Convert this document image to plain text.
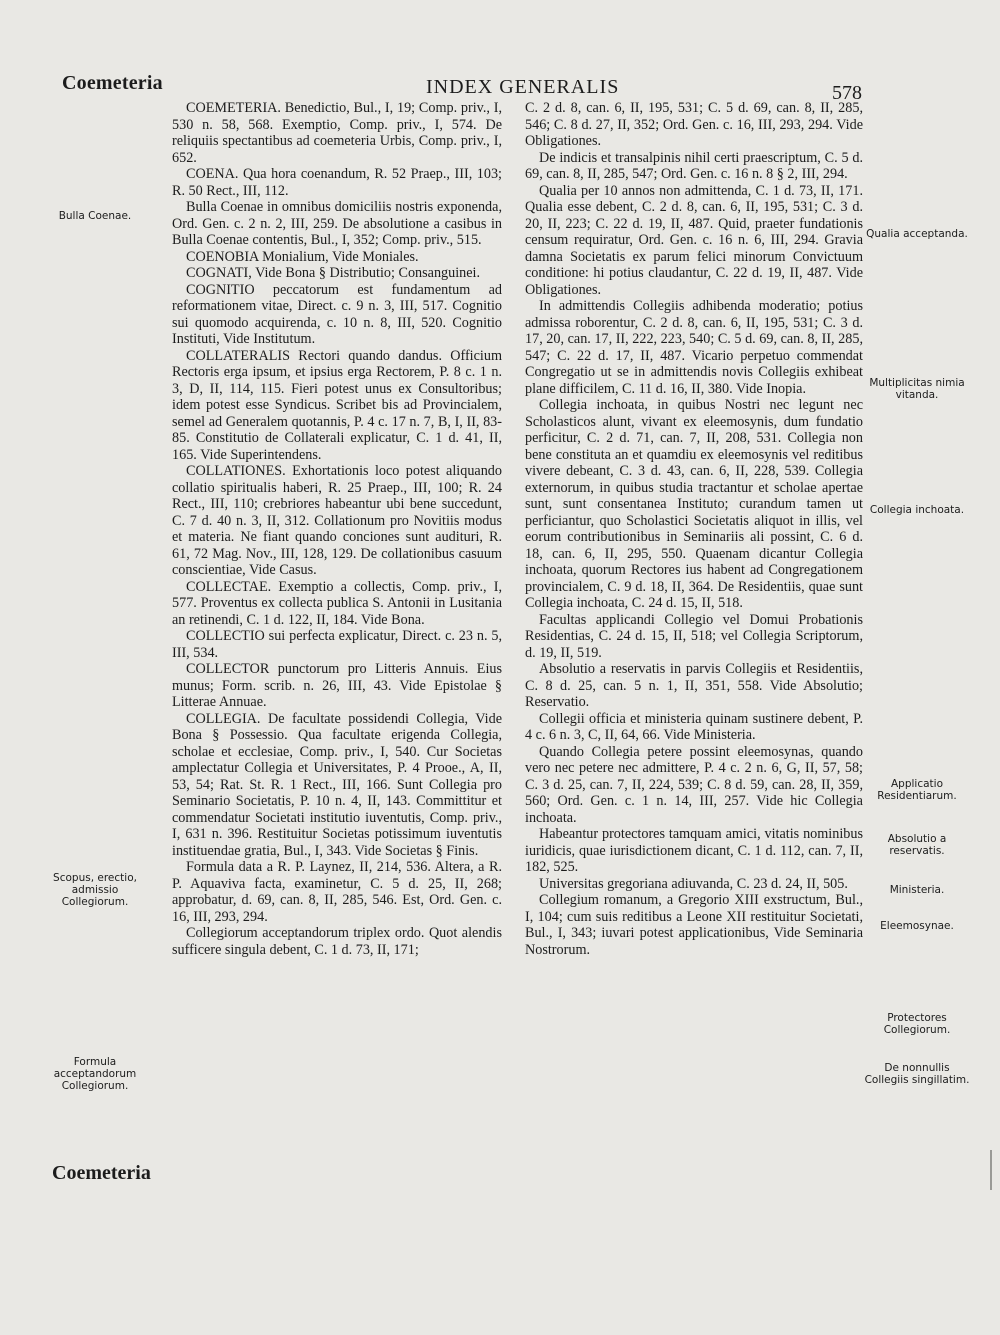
Coemeteria	INDEX GENERALIS	578
Bulla Coenae.
Scopus, erectio, admissio Collegiorum.
Formula acceptandorum Collegiorum.
Qualia acceptanda.
Multiplicitas nimia vitanda.
Collegia inchoata.
Applicatio Residentiarum.
Absolutio a reservatis.
Ministeria.
Eleemosynae.
Protectores Collegiorum.
De nonnullis Collegiis singillatim.

COEMETERIA. Benedictio, Bul., I, 19; Comp. priv., I, 530 n. 58, 568. Exemptio, Comp. priv., I, 574. De reliquiis spectantibus ad coemeteria Urbis, Comp. priv., I, 652.

COENA. Qua hora coenandum, R. 52 Praep., III, 103; R. 50 Rect., III, 112.

Bulla Coenae in omnibus domiciliis nostris exponenda, Ord. Gen. c. 2 n. 2, III, 259. De absolutione a casibus in Bulla Coenae contentis, Bul., I, 352; Comp. priv., 515.

COENOBIA Monialium, Vide Moniales.

COGNATI, Vide Bona § Distributio; Consanguinei.

COGNITIO peccatorum est fundamentum ad reformationem vitae, Direct. c. 9 n. 3, III, 517. Cognitio sui quomodo acquirenda, c. 10 n. 8, III, 520. Cognitio Instituti, Vide Institutum.

COLLATERALIS Rectori quando dandus. Officium Rectoris erga ipsum, et ipsius erga Rectorem, P. 8 c. 1 n. 3, D, II, 114, 115. Fieri potest unus ex Consultoribus; idem potest esse Syndicus. Scribet bis ad Provincialem, semel ad Generalem quotannis, P. 4 c. 17 n. 7, B, I, II, 83-85. Constitutio de Collaterali explicatur, C. 1 d. 41, II, 165. Vide Superintendens.

COLLATIONES. Exhortationis loco potest aliquando collatio spiritualis haberi, R. 25 Praep., III, 100; R. 24 Rect., III, 110; crebriores habeantur ubi bene succedunt, C. 7 d. 40 n. 3, II, 312. Collationum pro Novitiis modus et materia. Ne fiant quando conciones sunt audituri, R. 61, 72 Mag. Nov., III, 128, 129. De collationibus casuum conscientiae, Vide Casus.

COLLECTAE. Exemptio a collectis, Comp. priv., I, 577. Proventus ex collecta publica S. Antonii in Lusitania an retinendi, C. 1 d. 122, II, 184. Vide Bona.

COLLECTIO sui perfecta explicatur, Direct. c. 23 n. 5, III, 534.

COLLECTOR punctorum pro Litteris Annuis. Eius munus; Form. scrib. n. 26, III, 43. Vide Epistolae § Litterae Annuae.

COLLEGIA. De facultate possidendi Collegia, Vide Bona § Possessio. Qua facultate erigenda Collegia, scholae et ecclesiae, Comp. priv., I, 540. Cur Societas amplectatur Collegia et Universitates, P. 4 Prooe., A, II, 53, 54; Rat. St. R. 1 Rect., III, 166. Sunt Collegia pro Seminario Societatis, P. 10 n. 4, II, 143. Committitur et commendatur Societati institutio iuventutis, Comp. priv., I, 631 n. 396. Restituitur Societas potissimum iuventutis instituendae gratia, Bul., I, 343. Vide Societas § Finis.

Formula data a R. P. Laynez, II, 214, 536. Altera, a R. P. Aquaviva facta, examinetur, C. 5 d. 25, II, 268; approbatur, d. 69, can. 8, II, 285, 546. Est, Ord. Gen. c. 16, III, 293, 294.

Collegiorum acceptandorum triplex ordo. Quot alendis sufficere singula debent, C. 1 d. 73, II, 171;

C. 2 d. 8, can. 6, II, 195, 531; C. 5 d. 69, can. 8, II, 285, 546; C. 8 d. 27, II, 352; Ord. Gen. c. 16, III, 293, 294. Vide Obligationes.

De indicis et transalpinis nihil certi praescriptum, C. 5 d. 69, can. 8, II, 285, 547; Ord. Gen. c. 16 n. 8 § 2, III, 294.

Qualia per 10 annos non admittenda, C. 1 d. 73, II, 171. Qualia esse debent, C. 2 d. 8, can. 6, II, 195, 531; C. 3 d. 20, II, 223; C. 22 d. 19, II, 487. Quid, praeter fundationis censum requiratur, Ord. Gen. c. 16 n. 6, III, 294. Gravia damna Societatis ex parum felici minorum Convictuum conditione: hi potius claudantur, C. 22 d. 19, II, 487. Vide Obligationes.

In admittendis Collegiis adhibenda moderatio; potius admissa roborentur, C. 2 d. 8, can. 6, II, 195, 531; C. 3 d. 17, 20, can. 17, II, 222, 223, 540; C. 5 d. 69, can. 8, II, 285, 547; C. 22 d. 17, II, 487. Vicario perpetuo commendat Congregatio ut se in admittendis novis Collegiis exhibeat plane difficilem, C. 11 d. 16, II, 380. Vide Inopia.

Collegia inchoata, in quibus Nostri nec legunt nec Scholasticos alunt, vivant ex eleemosynis, dum fundatio perficitur, C. 2 d. 71, can. 7, II, 208, 531. Collegia non bene constituta an et quamdiu ex eleemosynis vel reditibus vivere debeant, C. 3 d. 43, can. 6, II, 228, 539. Collegia externorum, in quibus studia tractantur et scholae apertae sunt, sunt consentanea Instituto; curandum tamen ut perficiantur, quo Scholastici Societatis aliquot in illis, vel eorum contributionibus in Seminariis ali possint, C. 6 d. 18, can. 6, II, 295, 550. Quaenam dicantur Collegia inchoata, quorum Rectores ius habent ad Congregationem provincialem, C. 9 d. 18, II, 364. De Residentiis, quae sunt Collegia inchoata, C. 24 d. 15, II, 518.

Facultas applicandi Collegio vel Domui Probationis Residentias, C. 24 d. 15, II, 518; vel Collegia Scriptorum, d. 19, II, 519.

Absolutio a reservatis in parvis Collegiis et Residentiis, C. 8 d. 25, can. 5 n. 1, II, 351, 558. Vide Absolutio; Reservatio.

Collegii officia et ministeria quinam sustinere debent, P. 4 c. 6 n. 3, C, II, 64, 66. Vide Ministeria.

Quando Collegia petere possint eleemosynas, quando vero nec petere nec admittere, P. 4 c. 2 n. 6, G, II, 57, 58; C. 3 d. 25, can. 7, II, 224, 539; C. 8 d. 59, can. 28, II, 359, 560; Ord. Gen. c. 1 n. 14, III, 257. Vide hic Collegia inchoata.

Habeantur protectores tamquam amici, vitatis nominibus iuridicis, quae iurisdictionem dicant, C. 1 d. 112, can. 7, II, 182, 525.

Universitas gregoriana adiuvanda, C. 23 d. 24, II, 505.

Collegium romanum, a Gregorio XIII exstructum, Bul., I, 104; cum suis reditibus a Leone XII restituitur Societati, Bul., I, 343; iuvari potest applicationibus, Vide Seminaria Nostrorum.

Coemeteria
